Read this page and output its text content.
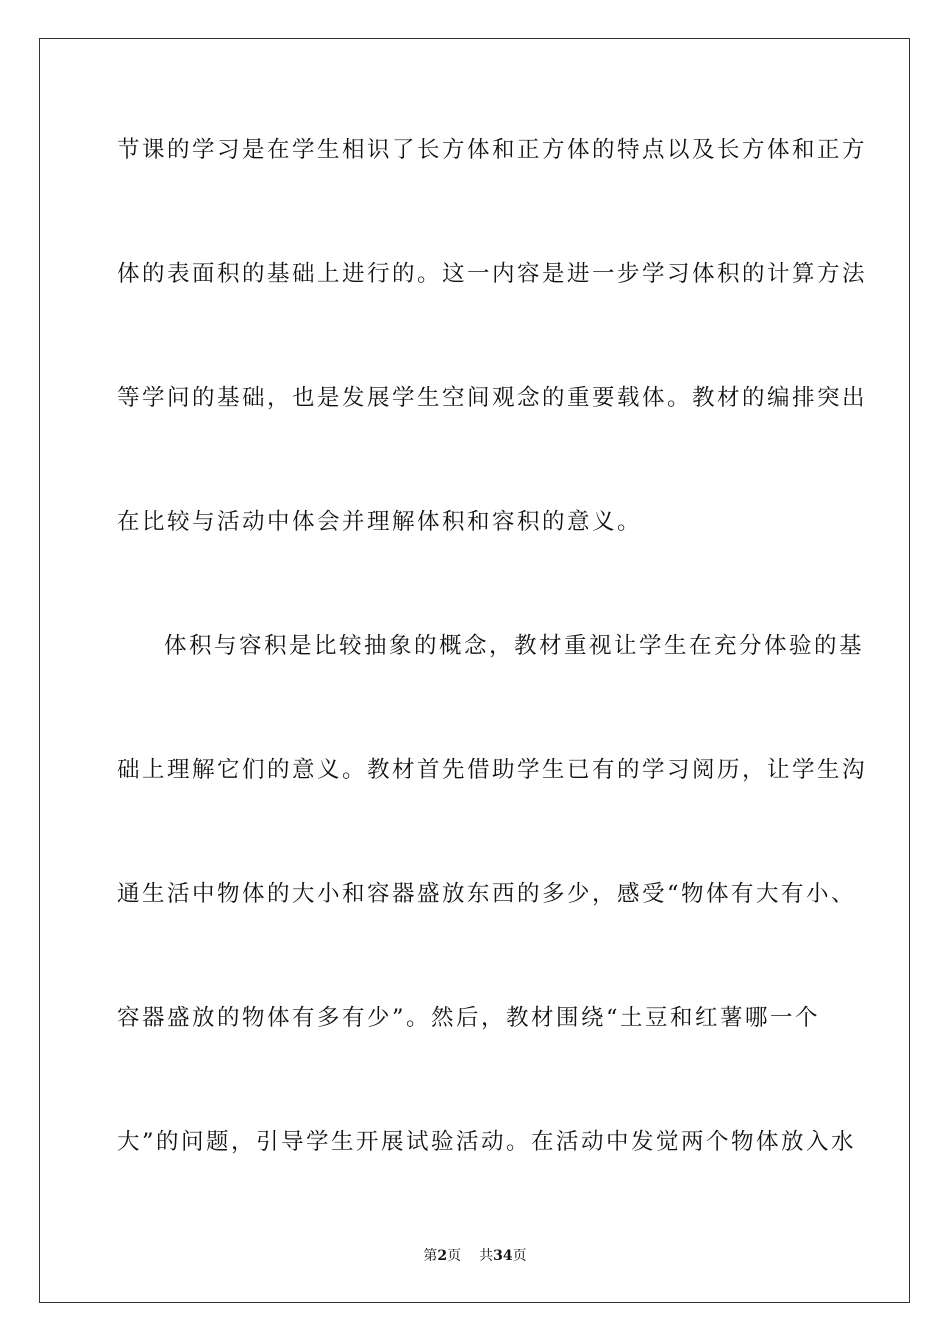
节课的学习是在学生相识了长方体和正方体的特点以及长方体和正方

体的表面积的基础上进行的。这一内容是进一步学习体积的计算方法

等学问的基础，也是发展学生空间观念的重要载体。教材的编排突出

在比较与活动中体会并理解体积和容积的意义。

体积与容积是比较抽象的概念，教材重视让学生在充分体验的基

础上理解它们的意义。教材首先借助学生已有的学习阅历，让学生沟

通生活中物体的大小和容器盛放东西的多少，感受“物体有大有小、

容器盛放的物体有多有少”。然后，教材围绕“土豆和红薯哪一个

大”的问题，引导学生开展试验活动。在活动中发觉两个物体放入水

第2页 共34页
